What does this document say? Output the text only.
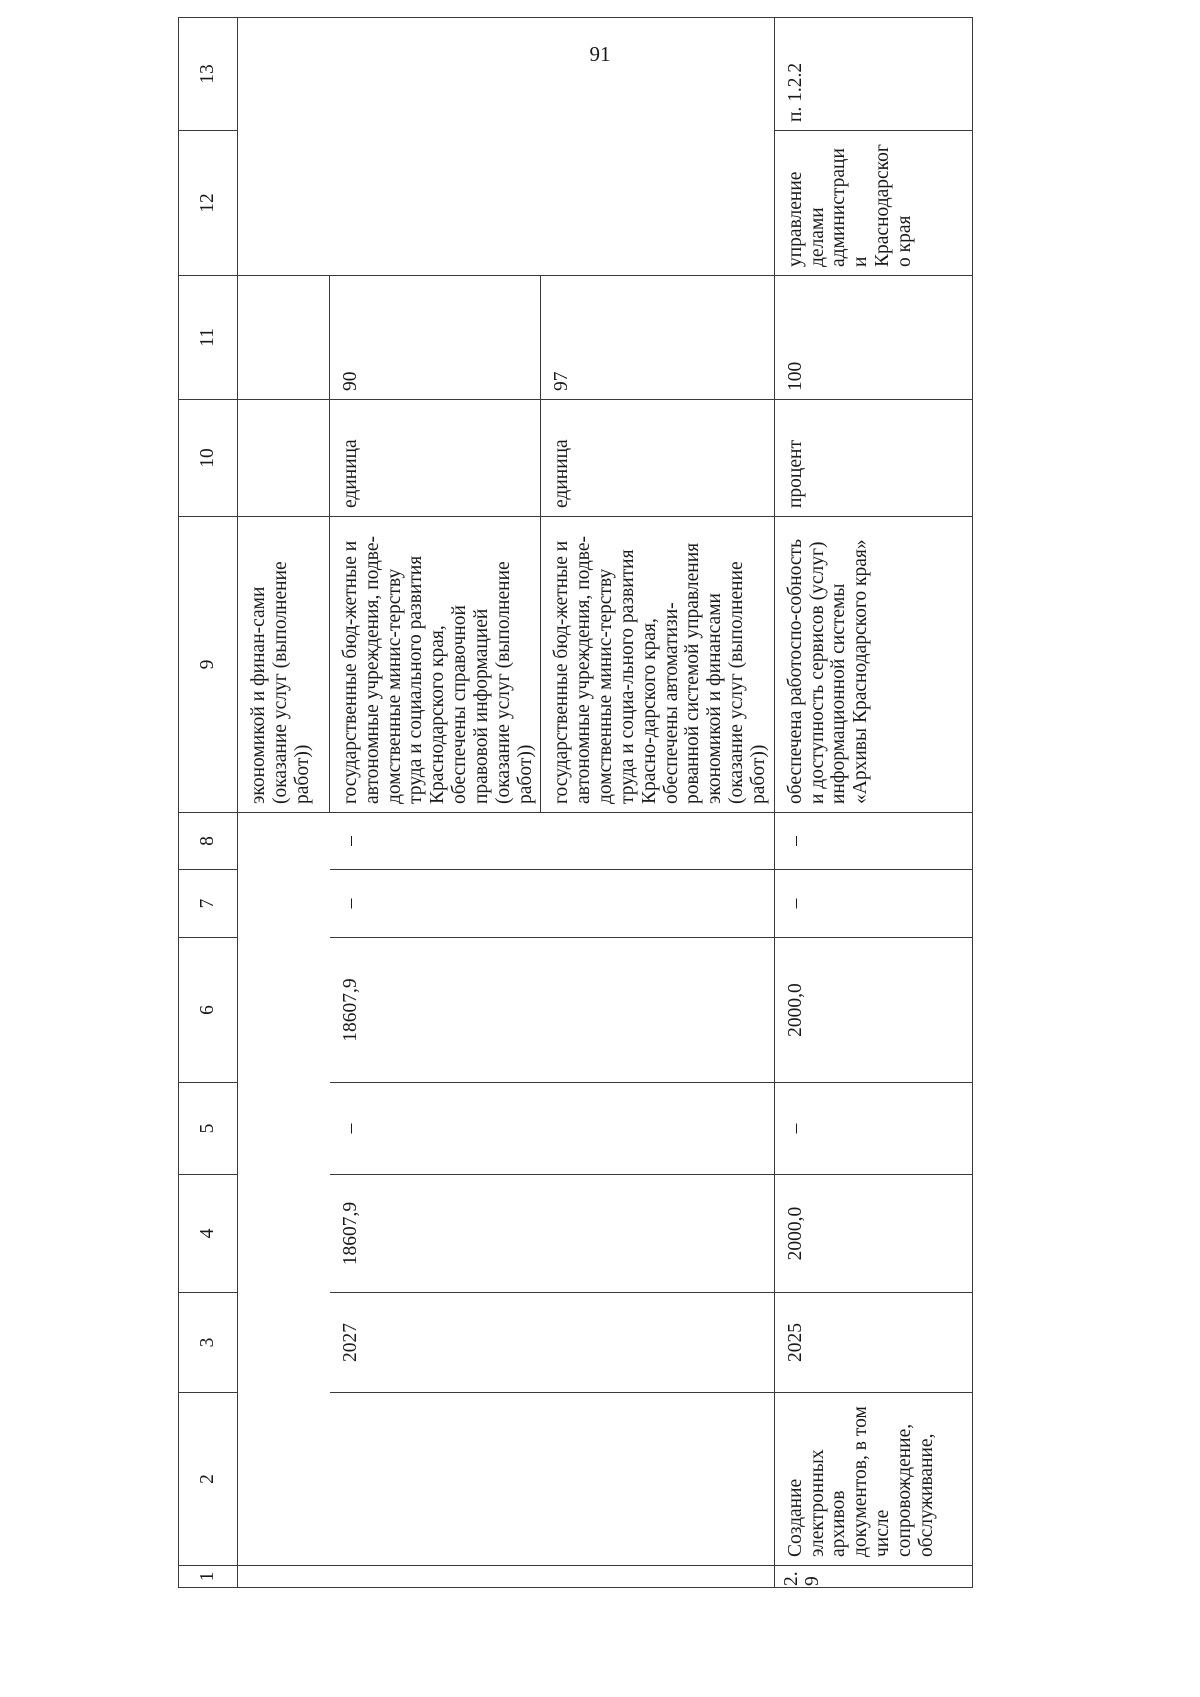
91
1	2	3	4	5	6	7	8	9	10	11	12	13
								экономикой и финан-сами (оказание услуг (выполнение работ))				
		2027	18607,9	–	18607,9	–	–	государственные бюд-жетные и автономные учреждения, подве-домственные минис-терству труда и социального развития Краснодарского края, обеспечены справочной правовой информацией (оказание услуг (выполнение работ))	единица	90		
								государственные бюд-жетные и автономные учреждения, подве-домственные минис-терству труда и социа-льного развития Красно-дарского края, обеспечены автоматизи-рованной системой управления экономикой и финансами (оказание услуг (выполнение работ))	единица	97		
2.9	Создание электронных архивов документов, в том числе сопровождение, обслуживание,	2025	2000,0	–	2000,0	–	–	обеспечена работоспо-собность и доступность сервисов (услуг) информационной системы «Архивы Краснодарского края»	процент	100	управление делами администрации Краснодарского края	п. 1.2.2
